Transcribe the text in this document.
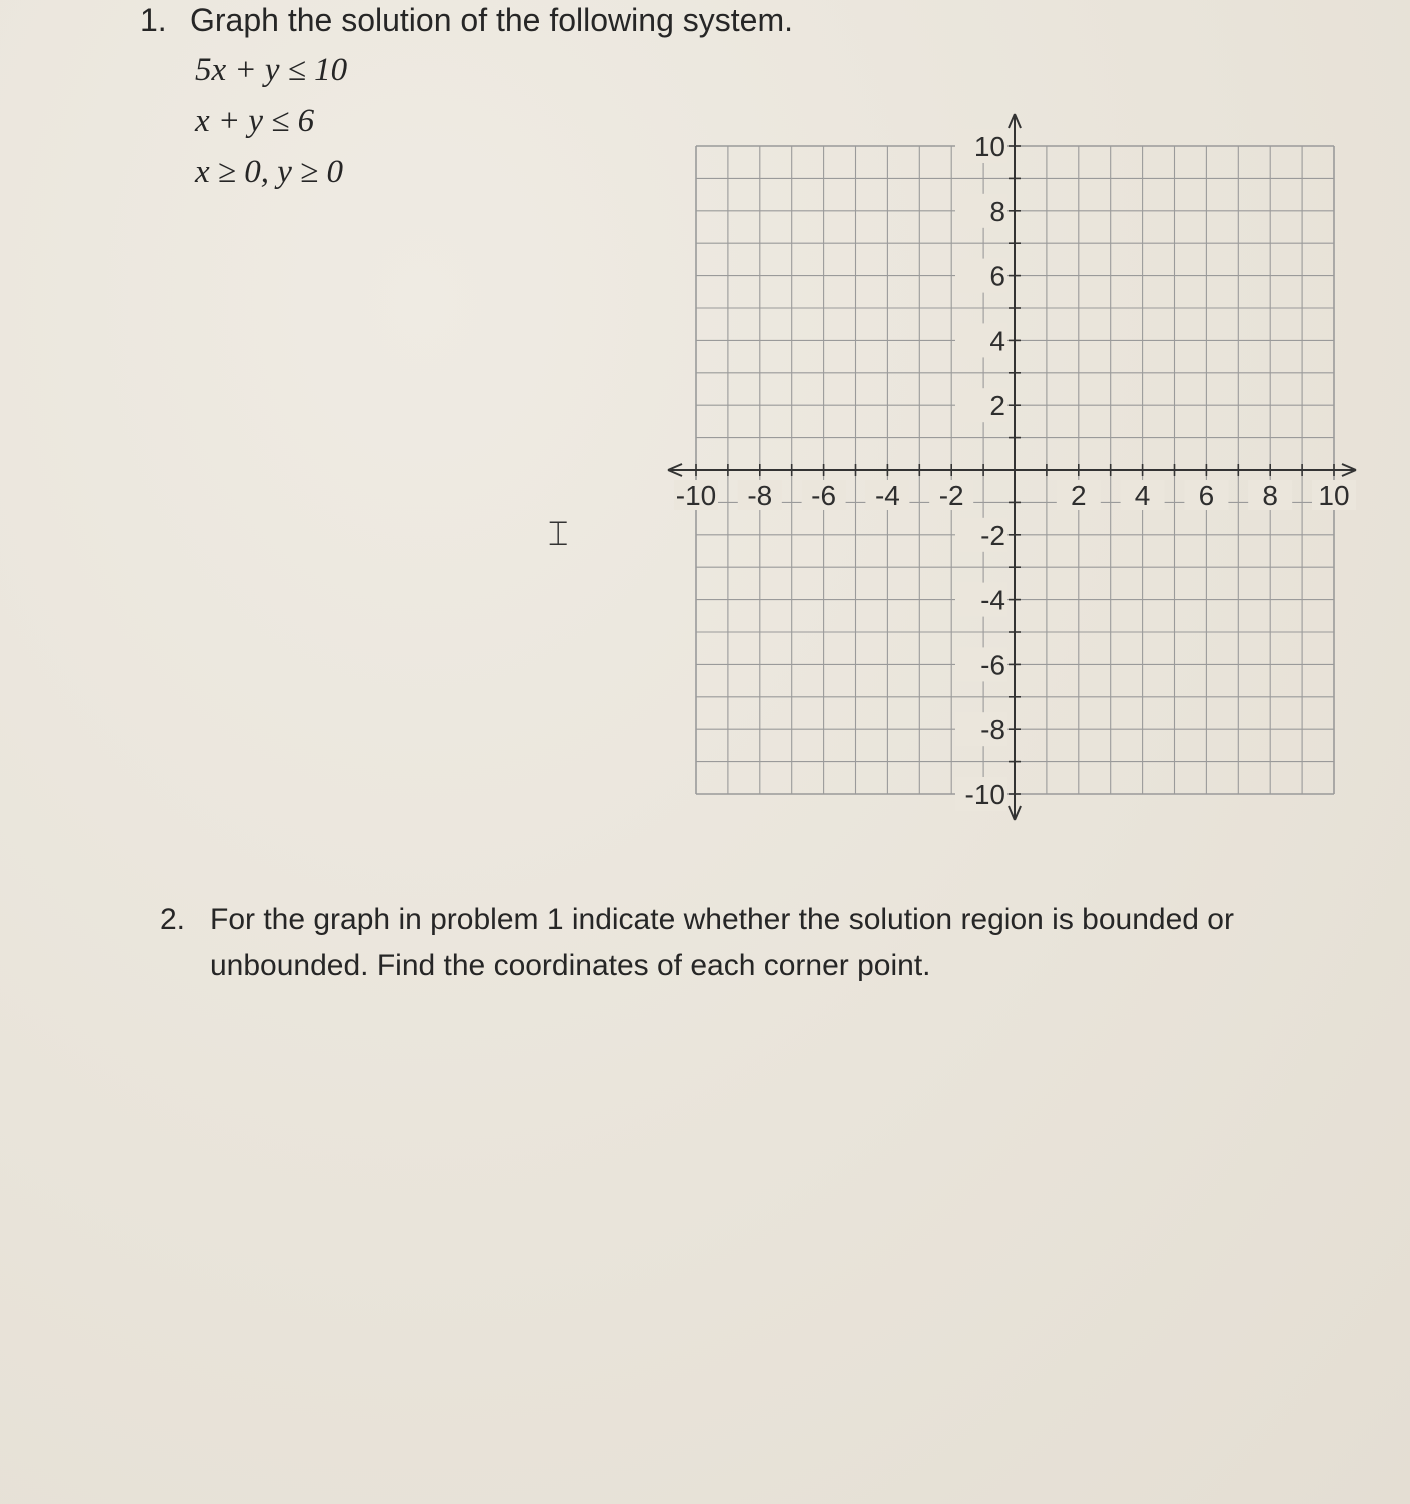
1. Graph the solution of the following system.
5x + y ≤ 10
x + y ≤ 6
x ≥ 0, y ≥ 0
⌶
-10 -8 -6 -4 -2	2 4 6 8 10
10
8
6
4
2
-2
-4
-6
-8
-10
2. For the graph in problem 1 indicate whether the solution region is bounded or unbounded. Find the coordinates of each corner point.
